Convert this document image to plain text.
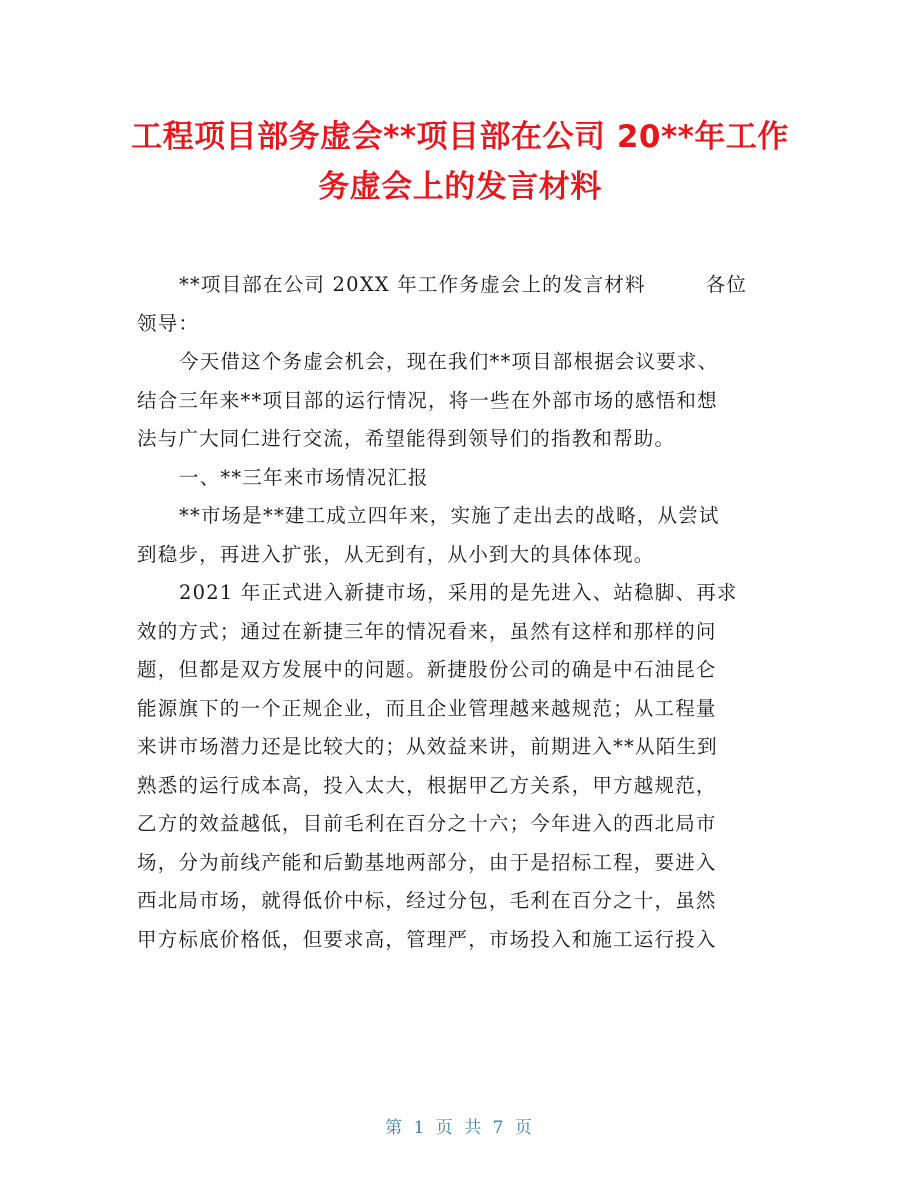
工程项目部务虚会**项目部在公司 20**年工作
务虚会上的发言材料

**项目部在公司 20XX 年工作务虚会上的发言材料	各位
领导：

今天借这个务虚会机会，现在我们**项目部根据会议要求、
结合三年来**项目部的运行情况，将一些在外部市场的感悟和想
法与广大同仁进行交流，希望能得到领导们的指教和帮助。

一、**三年来市场情况汇报

**市场是**建工成立四年来，实施了走出去的战略，从尝试
到稳步，再进入扩张，从无到有，从小到大的具体体现。

2021 年正式进入新捷市场，采用的是先进入、站稳脚、再求
效的方式；通过在新捷三年的情况看来，虽然有这样和那样的问
题，但都是双方发展中的问题。新捷股份公司的确是中石油昆仑
能源旗下的一个正规企业，而且企业管理越来越规范；从工程量
来讲市场潜力还是比较大的；从效益来讲，前期进入**从陌生到
熟悉的运行成本高，投入太大，根据甲乙方关系，甲方越规范，
乙方的效益越低，目前毛利在百分之十六；今年进入的西北局市
场，分为前线产能和后勤基地两部分，由于是招标工程，要进入
西北局市场，就得低价中标，经过分包，毛利在百分之十，虽然
甲方标底价格低，但要求高，管理严，市场投入和施工运行投入

第 1 页 共 7 页
